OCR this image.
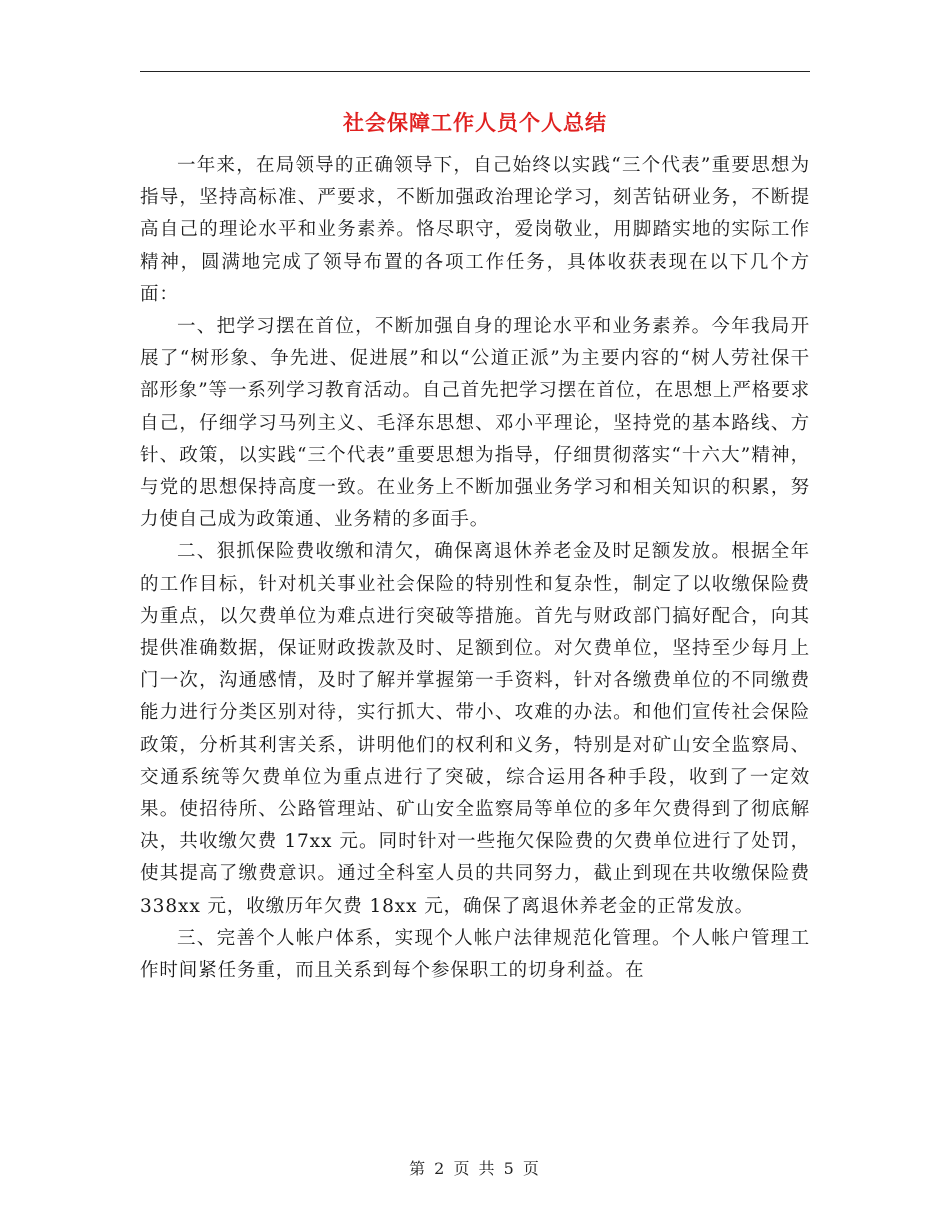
社会保障工作人员个人总结

一年来，在局领导的正确领导下，自己始终以实践“三个代表”重要思想为指导，坚持高标准、严要求，不断加强政治理论学习，刻苦钻研业务，不断提高自己的理论水平和业务素养。恪尽职守，爱岗敬业，用脚踏实地的实际工作精神，圆满地完成了领导布置的各项工作任务，具体收获表现在以下几个方面：

一、把学习摆在首位，不断加强自身的理论水平和业务素养。今年我局开展了“树形象、争先进、促进展”和以“公道正派”为主要内容的“树人劳社保干部形象”等一系列学习教育活动。自己首先把学习摆在首位，在思想上严格要求自己，仔细学习马列主义、毛泽东思想、邓小平理论，坚持党的基本路线、方针、政策，以实践“三个代表”重要思想为指导，仔细贯彻落实“十六大”精神，与党的思想保持高度一致。在业务上不断加强业务学习和相关知识的积累，努力使自己成为政策通、业务精的多面手。

二、狠抓保险费收缴和清欠，确保离退休养老金及时足额发放。根据全年的工作目标，针对机关事业社会保险的特别性和复杂性，制定了以收缴保险费为重点，以欠费单位为难点进行突破等措施。首先与财政部门搞好配合，向其提供准确数据，保证财政拨款及时、足额到位。对欠费单位，坚持至少每月上门一次，沟通感情，及时了解并掌握第一手资料，针对各缴费单位的不同缴费能力进行分类区别对待，实行抓大、带小、攻难的办法。和他们宣传社会保险政策，分析其利害关系，讲明他们的权利和义务，特别是对矿山安全监察局、交通系统等欠费单位为重点进行了突破，综合运用各种手段，收到了一定效果。使招待所、公路管理站、矿山安全监察局等单位的多年欠费得到了彻底解决，共收缴欠费 17xx 元。同时针对一些拖欠保险费的欠费单位进行了处罚，使其提高了缴费意识。通过全科室人员的共同努力，截止到现在共收缴保险费 338xx 元，收缴历年欠费 18xx 元，确保了离退休养老金的正常发放。

三、完善个人帐户体系，实现个人帐户法律规范化管理。个人帐户管理工作时间紧任务重，而且关系到每个参保职工的切身利益。在

第 2 页 共 5 页
